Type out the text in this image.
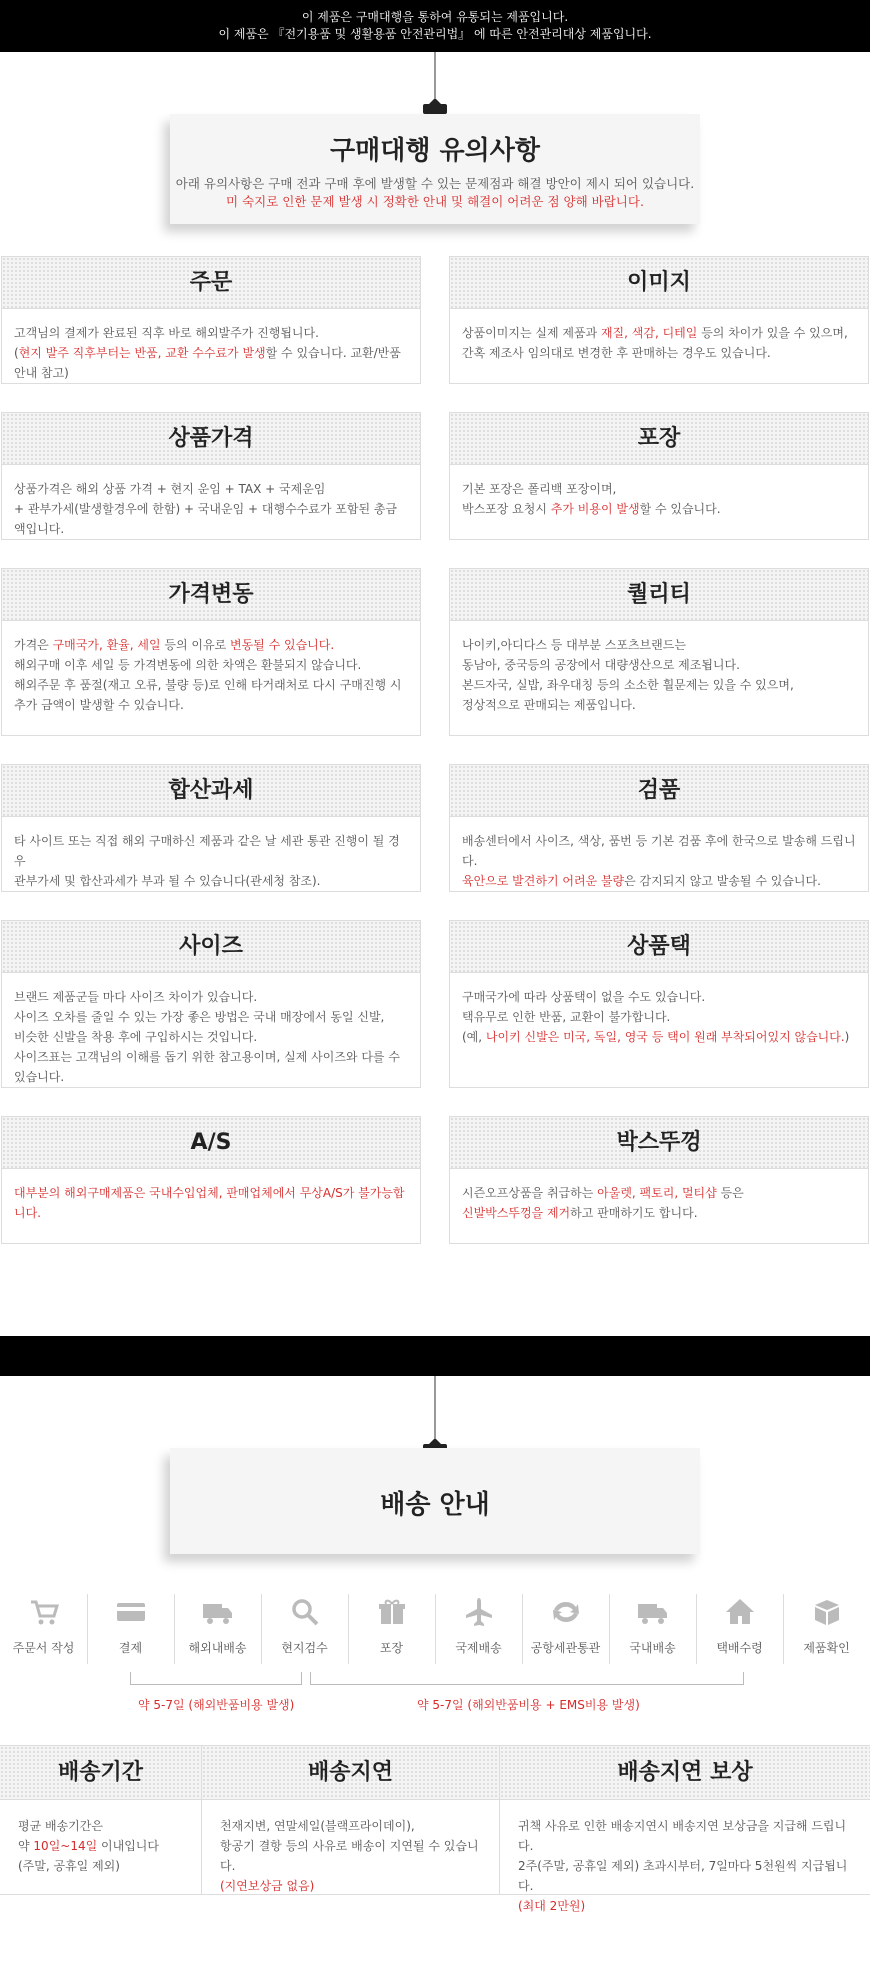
이 제품은 구매대행을 통하여 유통되는 제품입니다.
이 제품은 『전기용품 및 생활용품 안전관리법』 에 따른 안전관리대상 제품입니다.
구매대행 유의사항
아래 유의사항은 구매 전과 구매 후에 발생할 수 있는 문제점과 해결 방안이 제시 되어 있습니다.
미 숙지로 인한 문제 발생 시 정확한 안내 및 해결이 어려운 점 양해 바랍니다.
주문
고객님의 결제가 완료된 직후 바로 해외발주가 진행됩니다.
(현지 발주 직후부터는 반품, 교환 수수료가 발생할 수 있습니다. 교환/반품안내 참고)
이미지
상품이미지는 실제 제품과 재질, 색감, 디테일 등의 차이가 있을 수 있으며,
간혹 제조사 임의대로 변경한 후 판매하는 경우도 있습니다.
상품가격
상품가격은 해외 상품 가격 + 현지 운임 + TAX + 국제운임
+ 관부가세(발생할경우에 한함) + 국내운임 + 대행수수료가 포함된 총금액입니다.
포장
기본 포장은 폴리백 포장이며,
박스포장 요청시 추가 비용이 발생할 수 있습니다.
가격변동
가격은 구매국가, 환율, 세일 등의 이유로 변동될 수 있습니다.
해외구매 이후 세일 등 가격변동에 의한 차액은 환불되지 않습니다.
해외주문 후 품절(재고 오류, 불량 등)로 인해 타거래처로 다시 구매진행 시
추가 금액이 발생할 수 있습니다.
퀄리티
나이키,아디다스 등 대부분 스포츠브랜드는
동남아, 중국등의 공장에서 대량생산으로 제조됩니다.
본드자국, 실밥, 좌우대칭 등의 소소한 훨문제는 있을 수 있으며,
정상적으로 판매되는 제품입니다.
합산과세
타 사이트 또는 직접 해외 구매하신 제품과 같은 날 세관 통관 진행이 될 경우
관부가세 및 합산과세가 부과 될 수 있습니다(관세청 참조).
검품
배송센터에서 사이즈, 색상, 품번 등 기본 검품 후에 한국으로 발송해 드립니다.
육안으로 발견하기 어려운 불량은 감지되지 않고 발송될 수 있습니다.
사이즈
브랜드 제품군들 마다 사이즈 차이가 있습니다.
사이즈 오차를 줄일 수 있는 가장 좋은 방법은 국내 매장에서 동일 신발,
비슷한 신발을 착용 후에 구입하시는 것입니다.
사이즈표는 고객님의 이해를 돕기 위한 참고용이며, 실제 사이즈와 다를 수 있습니다.
상품택
구매국가에 따라 상품택이 없을 수도 있습니다.
택유무로 인한 반품, 교환이 불가합니다.
(예, 나이키 신발은 미국, 독일, 영국 등 택이 원래 부착되어있지 않습니다.)
A/S
대부분의 해외구매제품은 국내수입업체, 판매업체에서 무상A/S가 불가능합니다.
박스뚜껑
시즌오프상품을 취급하는 아울렛, 팩토리, 멀티샵 등은
신발박스뚜껑을 제거하고 판매하기도 합니다.
배송 안내
주문서 작성	결제	해외내배송	현지검수	포장	국제배송	공항세관통관	국내배송	택배수령	제품확인
약 5-7일 (해외반품비용 발생)	약 5-7일 (해외반품비용 + EMS비용 발생)
배송기간
평균 배송기간은
약 10일~14일 이내입니다
(주말, 공휴일 제외)
배송지연
천재지변, 연말세일(블랙프라이데이),
항공기 결항 등의 사유로 배송이 지연될 수 있습니다.
(지연보상금 없음)
배송지연 보상
귀책 사유로 인한 배송지연시 배송지연 보상금을 지급해 드립니다.
2주(주말, 공휴일 제외) 초과시부터, 7일마다 5천원씩 지급됩니다.
(최대 2만원)
